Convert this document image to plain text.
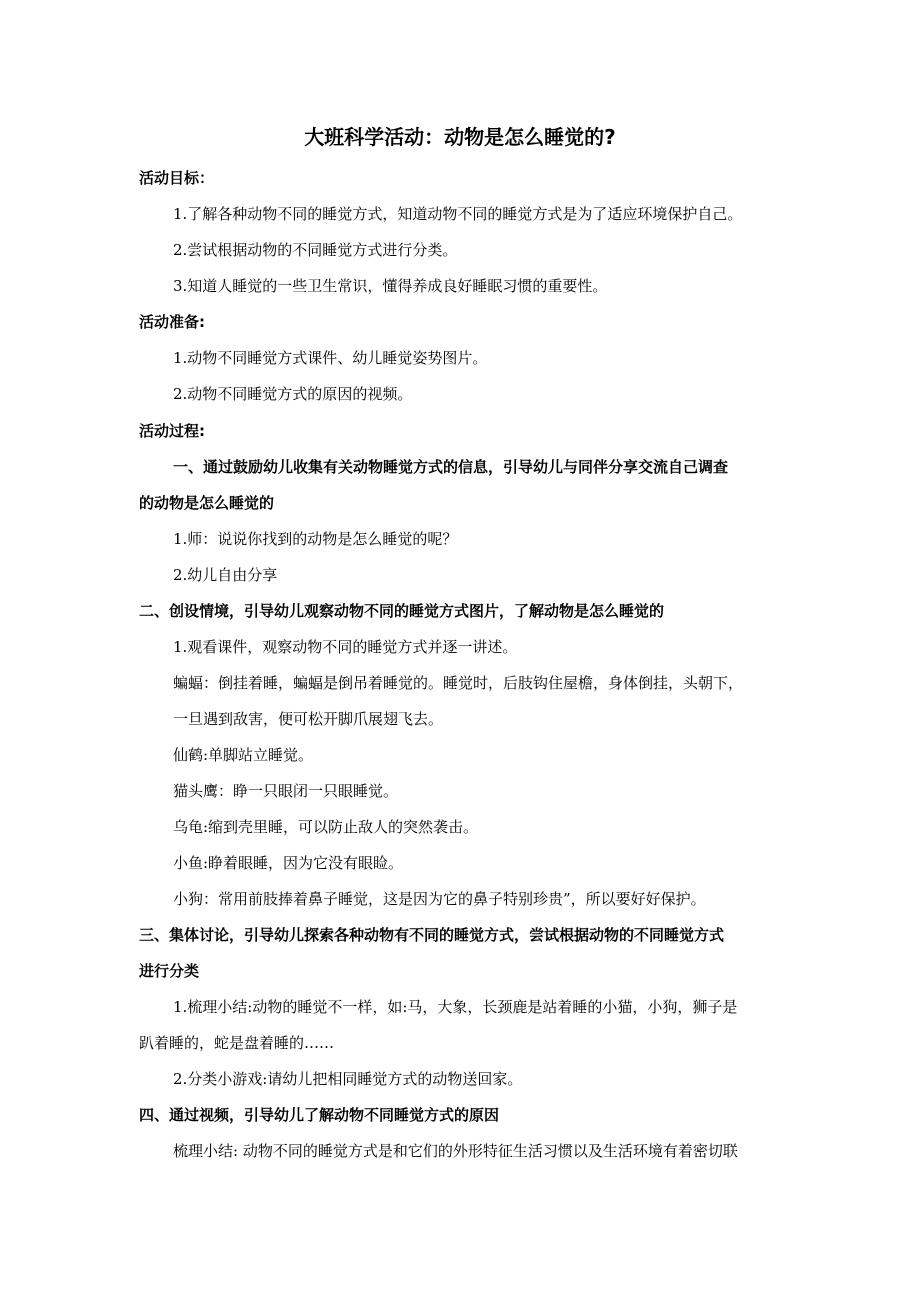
大班科学活动：动物是怎么睡觉的?
活动目标：
1.了解各种动物不同的睡觉方式，知道动物不同的睡觉方式是为了适应环境保护自己。
2.尝试根据动物的不同睡觉方式进行分类。
3.知道人睡觉的一些卫生常识，懂得养成良好睡眠习惯的重要性。
活动准备:
1.动物不同睡觉方式课件、幼儿睡觉姿势图片。
2.动物不同睡觉方式的原因的视频。
活动过程:
一、通过鼓励幼儿收集有关动物睡觉方式的信息，引导幼儿与同伴分享交流自己调查
的动物是怎么睡觉的
1.师：说说你找到的动物是怎么睡觉的呢？
2.幼儿自由分享
二、创设情境，引导幼儿观察动物不同的睡觉方式图片，了解动物是怎么睡觉的
1.观看课件，观察动物不同的睡觉方式并逐一讲述。
蝙蝠：倒挂着睡，蝙蝠是倒吊着睡觉的。睡觉时，后肢钩住屋檐，身体倒挂，头朝下，
一旦遇到敌害，便可松开脚爪展翅飞去。
仙鹤:单脚站立睡觉。
猫头鹰：睁一只眼闭一只眼睡觉。
乌龟:缩到壳里睡，可以防止敌人的突然袭击。
小鱼:睁着眼睡，因为它没有眼睑。
小狗：常用前肢捧着鼻子睡觉，这是因为它的鼻子特别珍贵”，所以要好好保护。
三、集体讨论，引导幼儿探索各种动物有不同的睡觉方式，尝试根据动物的不同睡觉方式
进行分类
1.梳理小结:动物的睡觉不一样，如:马，大象，长颈鹿是站着睡的小猫，小狗，狮子是
趴着睡的，蛇是盘着睡的……
2.分类小游戏:请幼儿把相同睡觉方式的动物送回家。
四、通过视频，引导幼儿了解动物不同睡觉方式的原因
梳理小结: 动物不同的睡觉方式是和它们的外形特征生活习惯以及生活环境有着密切联
